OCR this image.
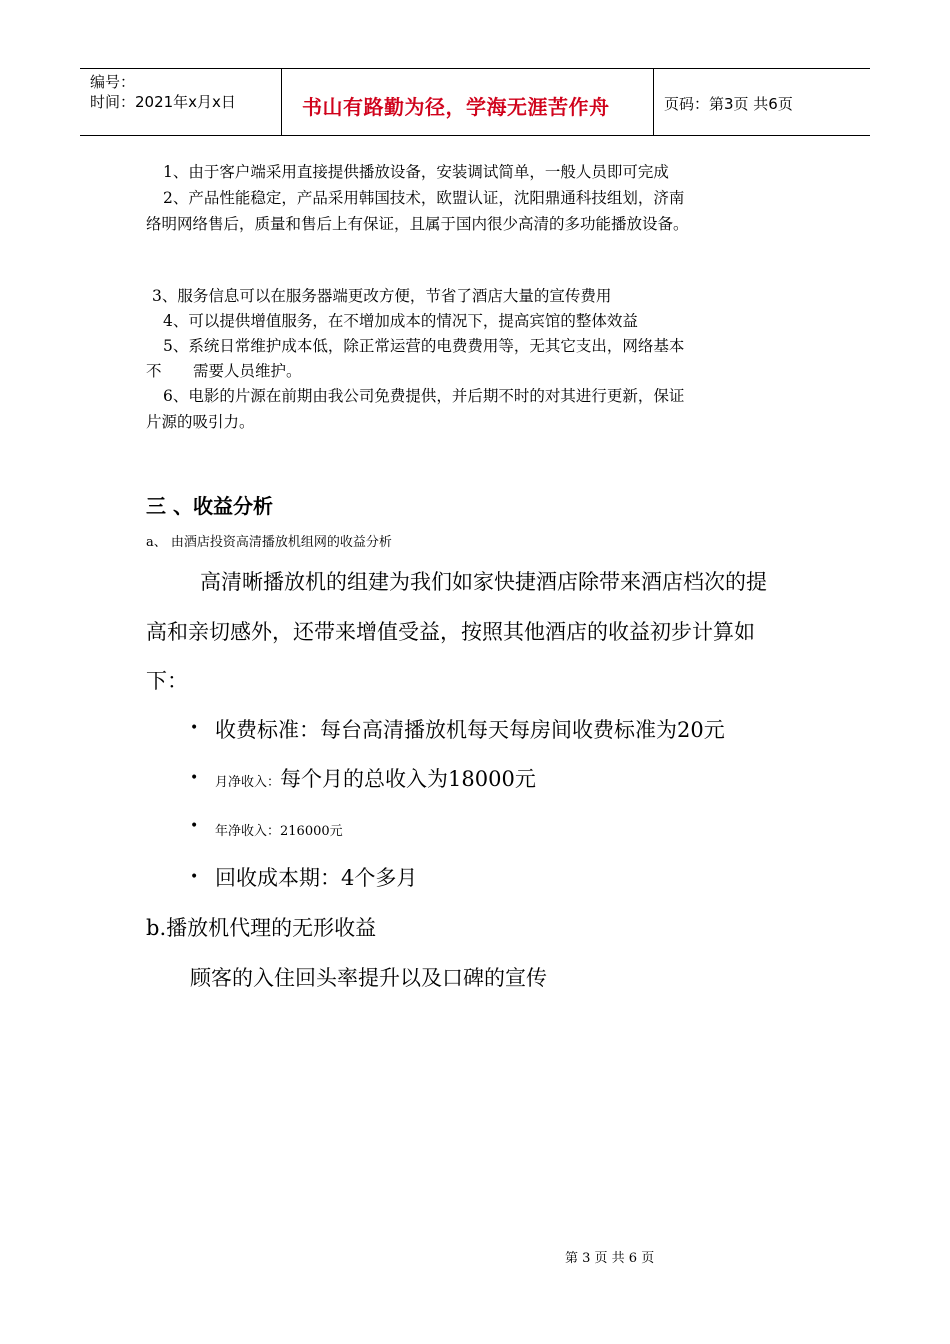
编号：
时间：2021年x月x日	书山有路勤为径，学海无涯苦作舟	页码：第3页 共6页
1、由于客户端采用直接提供播放设备，安装调试简单，一般人员即可完成
2、产品性能稳定，产品采用韩国技术，欧盟认证，沈阳鼎通科技组划，济南
络明网络售后，质量和售后上有保证，且属于国内很少高清的多功能播放设备。
3、服务信息可以在服务器端更改方便，节省了酒店大量的宣传费用
4、可以提供增值服务，在不增加成本的情况下，提高宾馆的整体效益
5、系统日常维护成本低，除正常运营的电费费用等，无其它支出，网络基本
不 需要人员维护。
6、电影的片源在前期由我公司免费提供，并后期不时的对其进行更新，保证
片源的吸引力。
三 、收益分析
a、 由酒店投资高清播放机组网的收益分析
高清晰播放机的组建为我们如家快捷酒店除带来酒店档次的提
高和亲切感外，还带来增值受益，按照其他酒店的收益初步计算如
下：
• 收费标准：每台高清播放机每天每房间收费标准为20元
• 月净收入：每个月的总收入为18000元
• 年净收入：216000元
• 回收成本期：4个多月
b.播放机代理的无形收益
顾客的入住回头率提升以及口碑的宣传
第 3 页 共 6 页
